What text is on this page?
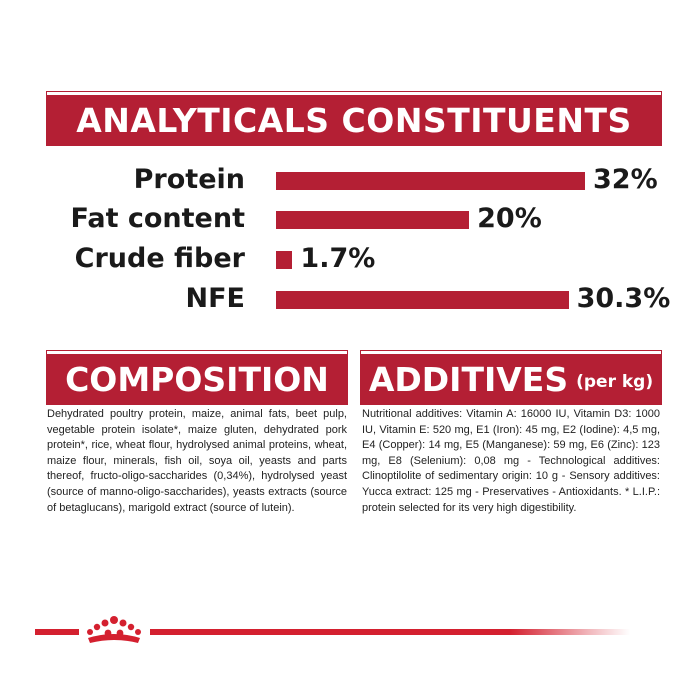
ANALYTICALS CONSTITUENTS
Protein	32%
Fat content	20%
Crude fiber 1.7%
NFE	30.3%
COMPOSITION
Dehydrated poultry protein, maize, animal fats, beet pulp, vegetable protein isolate*, maize gluten, dehydrated pork protein*, rice, wheat flour, hydrolysed animal proteins, wheat, maize flour, minerals, fish oil, soya oil, yeasts and parts thereof, fructo-oligo-saccharides (0,34%), hydrolysed yeast (source of manno-oligo-saccharides), yeasts extracts (source of betaglucans), marigold extract (source of lutein).
ADDITIVES (per kg)
Nutritional additives: Vitamin A: 16000 IU, Vitamin D3: 1000 IU, Vitamin E: 520 mg, E1 (Iron): 45 mg, E2 (Iodine): 4,5 mg, E4 (Copper): 14 mg, E5 (Manganese): 59 mg, E6 (Zinc): 123 mg, E8 (Selenium): 0,08 mg - Technological additives: Clinoptilolite of sedimentary origin: 10 g - Sensory additives: Yucca extract: 125 mg - Preservatives - Antioxidants. * L.I.P.: protein selected for its very high digestibility.
